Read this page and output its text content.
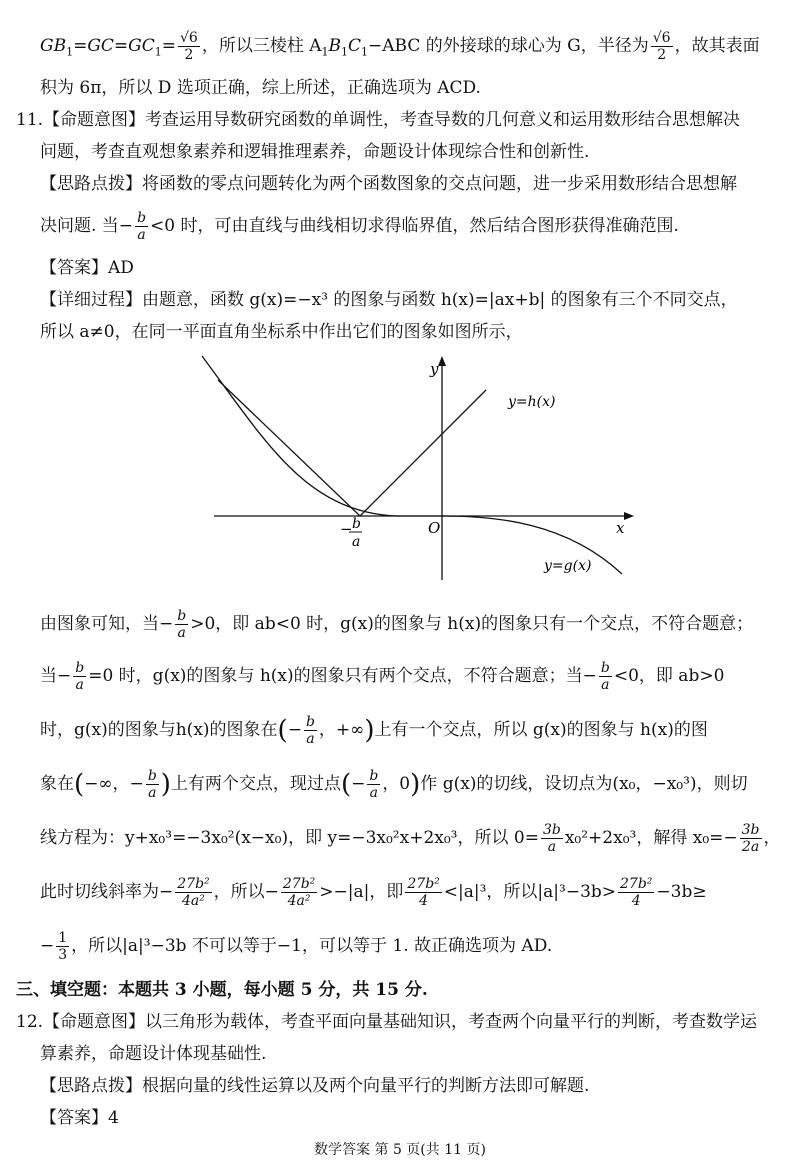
$GB_1=GC=GC_1= \frac{√6}{2}$ ，所以三棱柱 $A_1B_1C_1-ABC$ 的外接球的球心为 G，半径为 $\frac{√6}{2}$ ，故其表面
积为 6π，所以 D 选项正确，综上所述，正确选项为 ACD.
11.【命题意图】考查运用导数研究函数的单调性，考查导数的几何意义和运用数形结合思想解决
问题，考查直观想象素养和逻辑推理素养，命题设计体现综合性和创新性.
【思路点拨】将函数的零点问题转化为两个函数图象的交点问题，进一步采用数形结合思想解
决问题. 当− $\frac{b}{a} <0$ 时，可由直线与曲线相切求得临界值，然后结合图形获得准确范围.
【答案】AD
【详细过程】由题意，函数 g(x)=−x³ 的图象与函数 h(x)=|ax+b| 的图象有三个不同交点，
所以 a≠0，在同一平面直角坐标系中作出它们的图象如图所示，
y
x
O
y=h(x)
y=g(x)
− b
a
由图象可知，当− $\frac{b}{a} >0$，即 ab<0 时，g(x)的图象与 h(x)的图象只有一个交点，不符合题意；
当− $\frac{b}{a} =0$ 时，g(x)的图象与 h(x)的图象只有两个交点，不符合题意；当− $\frac{b}{a} <0$，即 ab>0
时，g(x)的图象与h(x)的图象在(− $\frac{b}{a}$ ，+∞)上有一个交点，所以 g(x)的图象与 h(x)的图
象在(−∞，− $\frac{b}{a}$ )上有两个交点，现过点(− $\frac{b}{a}$ ，0)作 g(x)的切线，设切点为(x₀，−x₀³)，则切
线方程为：y+x₀³=−3x₀²(x−x₀)，即 y=−3x₀²x+2x₀³，所以 $0= \frac{3b}{a} x_0^2+2x_0^3$，解得 $x_0=- \frac{3b}{2a}$ ，
此时切线斜率为− $\frac{\text{27b²}}{\text{4a²}}$ ，所以− $\frac{\text{27b²}}{\text{4a²}} >-|a|$，即 $\frac{\text{27b²}}{4} <|a|^3$，所以$|a|^3-3b> \frac{\text{27b²}}{4} -3b\ge$
− $\frac{1}{3}$ ，所以|a|³−3b 不可以等于−1，可以等于 1. 故正确选项为 AD.
三、填空题：本题共 3 小题，每小题 5 分，共 15 分.
12.【命题意图】以三角形为载体，考查平面向量基础知识，考查两个向量平行的判断，考查数学运
算素养，命题设计体现基础性.
【思路点拨】根据向量的线性运算以及两个向量平行的判断方法即可解题.
【答案】4
数学答案 第 5 页(共 11 页)
